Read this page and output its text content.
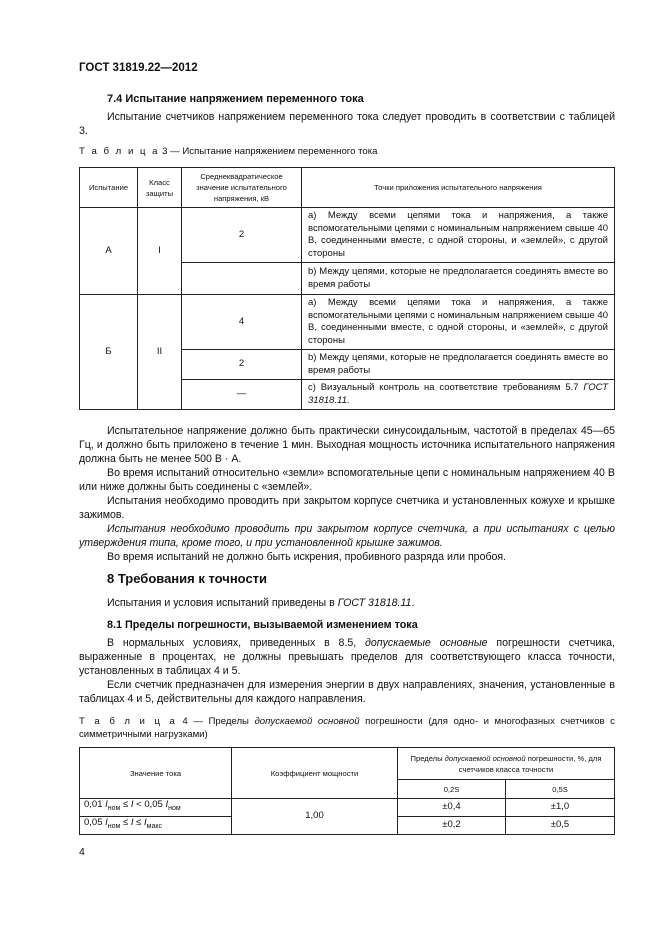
ГОСТ 31819.22—2012
7.4 Испытание напряжением переменного тока

Испытание счетчиков напряжением переменного тока следует проводить в соответствии с таблицей 3.

Т а б л и ц а 3 — Испытание напряжением переменного тока
Испытание	Класс защиты	Среднеквадратическое значение испытательного напряжения, кВ	Точки приложения испытательного напряжения
А	I	2	а) Между всеми цепями тока и напряжения, а также вспомогательными цепями с номинальным напряжением свыше 40 В, соединенными вместе, с одной стороны, и «землей», с другой стороны
			b) Между цепями, которые не предполагается соединять вместе во время работы
Б	II	4	а) Между всеми цепями тока и напряжения, а также вспомогательными цепями с номинальным напряжением свыше 40 В, соединенными вместе, с одной стороны, и «землей», с другой стороны
		2	b) Между цепями, которые не предполагается соединять вместе во время работы
		—	с) Визуальный контроль на соответствие требованиям 5.7 ГОСТ 31818.11.

Испытательное напряжение должно быть практически синусоидальным, частотой в пределах 45—65 Гц, и должно быть приложено в течение 1 мин. Выходная мощность источника испытательного напряжения должна быть не менее 500 В · А.

Во время испытаний относительно «земли» вспомогательные цепи с номинальным напряжением 40 В или ниже должны быть соединены с «землей».

Испытания необходимо проводить при закрытом корпусе счетчика и установленных кожухе и крышке зажимов.

Испытания необходимо проводить при закрытом корпусе счетчика, а при испытаниях с целью утверждения типа, кроме того, и при установленной крышке зажимов.

Во время испытаний не должно быть искрения, пробивного разряда или пробоя.

8 Требования к точности

Испытания и условия испытаний приведены в ГОСТ 31818.11.

8.1 Пределы погрешности, вызываемой изменением тока

В нормальных условиях, приведенных в 8.5, допускаемые основные погрешности счетчика, выраженные в процентах, не должны превышать пределов для соответствующего класса точности, установленных в таблицах 4 и 5.

Если счетчик предназначен для измерения энергии в двух направлениях, значения, установленные в таблицах 4 и 5, действительны для каждого направления.

Т а б л и ц а 4 — Пределы допускаемой основной погрешности (для одно- и многофазных счетчиков с симметричными нагрузками)
Значение тока	Коэффициент мощности	Пределы допускаемой основной погрешности, %, для счетчиков класса точности	
		0,2S	0,5S
0,01 $I_{ном} \le I < 0,05$ $I_{ном}$	1,00	±0,4	±1,0
0,05 $I_{ном} \le I \le I_{макс}$		±0,2	±0,5
4
